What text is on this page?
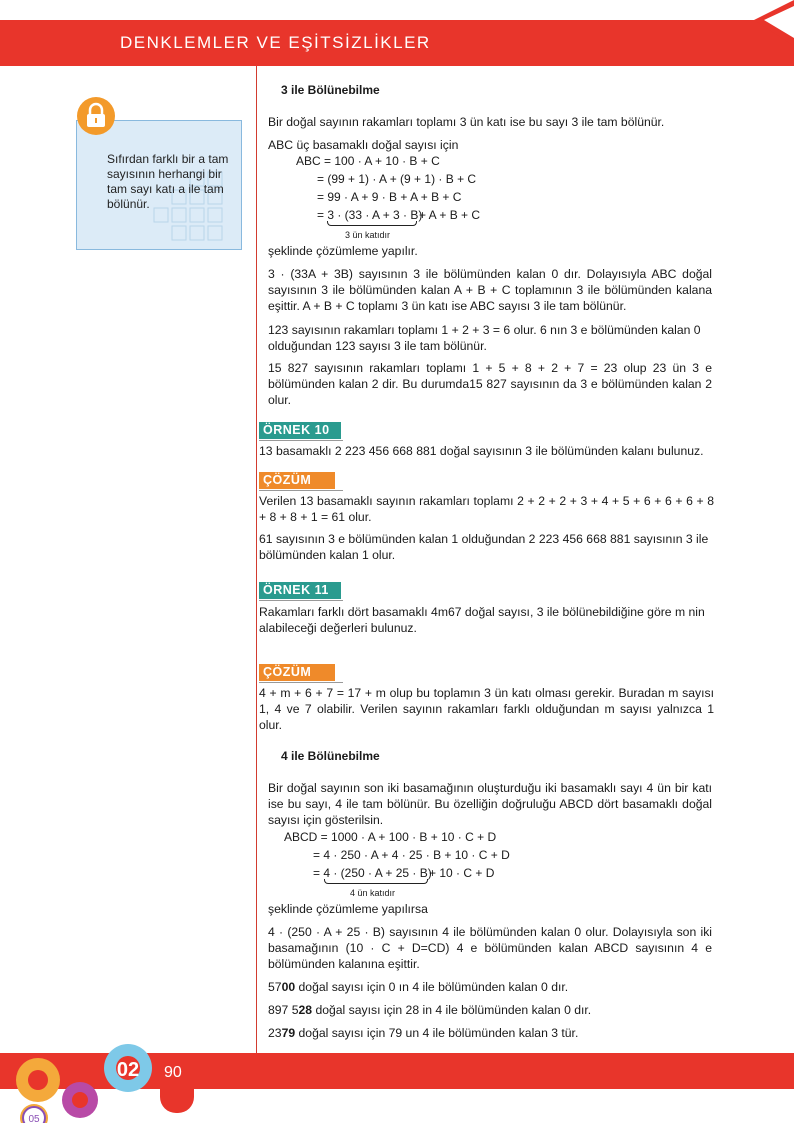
DENKLEMLER VE EŞİTSİZLİKLER
Sıfırdan farklı bir a tam sayısının herhangi bir tam sayı katı a ile tam bölünür.
3 ile Bölünebilme
Bir doğal sayının rakamları toplamı 3 ün katı ise bu sayı 3 ile tam bölünür.
ABC üç basamaklı doğal sayısı için
ABC = 100 · A + 10 · B + C
= (99 + 1) · A + (9 + 1) · B + C
= 99 · A + 9 · B + A + B + C
= 3 · (33 · A + 3 · B)
+ A + B + C
3 ün katıdır
şeklinde çözümleme yapılır.
3 · (33A + 3B) sayısının 3 ile bölümünden kalan 0 dır. Dolayısıyla ABC doğal sayısının 3 ile bölümünden kalan A + B + C toplamının 3 ile bölümünden kalana eşittir. A + B + C toplamı 3 ün katı ise ABC sayısı 3 ile tam bölünür.
123 sayısının rakamları toplamı 1 + 2 + 3 = 6 olur. 6 nın 3 e bölümünden kalan 0 olduğundan 123 sayısı 3 ile tam bölünür.
15 827 sayısının rakamları toplamı 1 + 5 + 8 + 2 + 7 = 23 olup 23 ün 3 e bölümünden kalan 2 dir. Bu durumda15 827 sayısının da 3 e bölümünden kalan 2 olur.
ÖRNEK 10
13 basamaklı 2 223 456 668 881 doğal sayısının 3 ile bölümünden kalanı bulunuz.
ÇÖZÜM
Verilen 13 basamaklı sayının rakamları toplamı 2 + 2 + 2 + 3 + 4 + 5 + 6 + 6 + 6 + 8 + 8 + 8 + 1 = 61 olur.
61 sayısının 3 e bölümünden kalan 1 olduğundan 2 223 456 668 881 sayısının 3 ile bölümünden kalan 1 olur.
ÖRNEK 11
Rakamları farklı dört basamaklı 4m67 doğal sayısı, 3 ile bölünebildiğine göre m nin alabileceği değerleri bulunuz.
ÇÖZÜM
4 + m + 6 + 7 = 17 + m olup bu toplamın 3 ün katı olması gerekir. Buradan m sayısı 1, 4 ve 7 olabilir. Verilen sayının rakamları farklı olduğundan m sayısı yalnızca 1 olur.
4 ile Bölünebilme
Bir doğal sayının son iki basamağının oluşturduğu iki basamaklı sayı 4 ün bir katı ise bu sayı, 4 ile tam bölünür. Bu özelliğin doğruluğu ABCD dört basamaklı doğal sayısı için gösterilsin.
ABCD = 1000 · A + 100 · B + 10 · C + D
= 4 · 250 · A + 4 · 25 · B + 10 · C + D
= 4 · (250 · A + 25 · B)
+ 10 · C + D
4 ün katıdır
şeklinde çözümleme yapılırsa
4 · (250 · A + 25 · B) sayısının 4 ile bölümünden kalan 0 olur. Dolayısıyla son iki basamağının (10 · C + D=CD) 4 e bölümünden kalan ABCD sayısının 4 e bölümünden kalanına eşittir.
5700 doğal sayısı için 0 ın 4 ile bölümünden kalan 0 dır.
897 528 doğal sayısı için 28 in 4 ile bölümünden kalan 0 dır.
2379 doğal sayısı için 79 un 4 ile bölümünden kalan 3 tür.
05
02 90
